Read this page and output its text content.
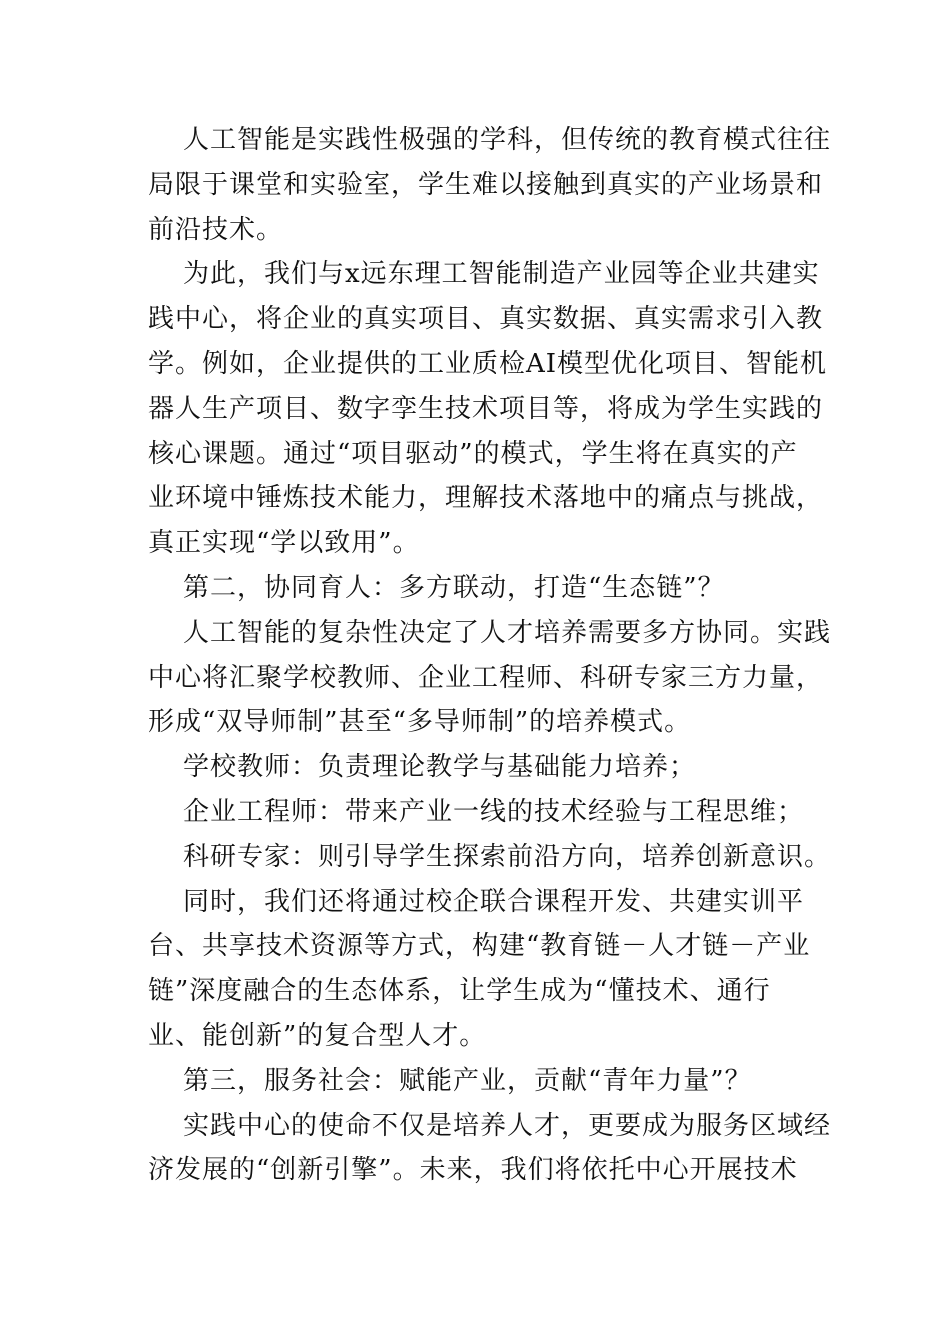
人工智能是实践性极强的学科，但传统的教育模式往往
局限于课堂和实验室，学生难以接触到真实的产业场景和
前沿技术。
为此，我们与x远东理工智能制造产业园等企业共建实
践中心，将企业的真实项目、真实数据、真实需求引入教
学。例如，企业提供的工业质检AI模型优化项目、智能机
器人生产项目、数字孪生技术项目等，将成为学生实践的
核心课题。通过“项目驱动”的模式，学生将在真实的产
业环境中锤炼技术能力，理解技术落地中的痛点与挑战，
真正实现“学以致用”。
第二，协同育人：多方联动，打造“生态链”？
人工智能的复杂性决定了人才培养需要多方协同。实践
中心将汇聚学校教师、企业工程师、科研专家三方力量，
形成“双导师制”甚至“多导师制”的培养模式。
学校教师：负责理论教学与基础能力培养；
企业工程师：带来产业一线的技术经验与工程思维；
科研专家：则引导学生探索前沿方向，培养创新意识。
同时，我们还将通过校企联合课程开发、共建实训平
台、共享技术资源等方式，构建“教育链－人才链－产业
链”深度融合的生态体系，让学生成为“懂技术、通行
业、能创新”的复合型人才。
第三，服务社会：赋能产业，贡献“青年力量”？
实践中心的使命不仅是培养人才，更要成为服务区域经
济发展的“创新引擎”。未来，我们将依托中心开展技术
